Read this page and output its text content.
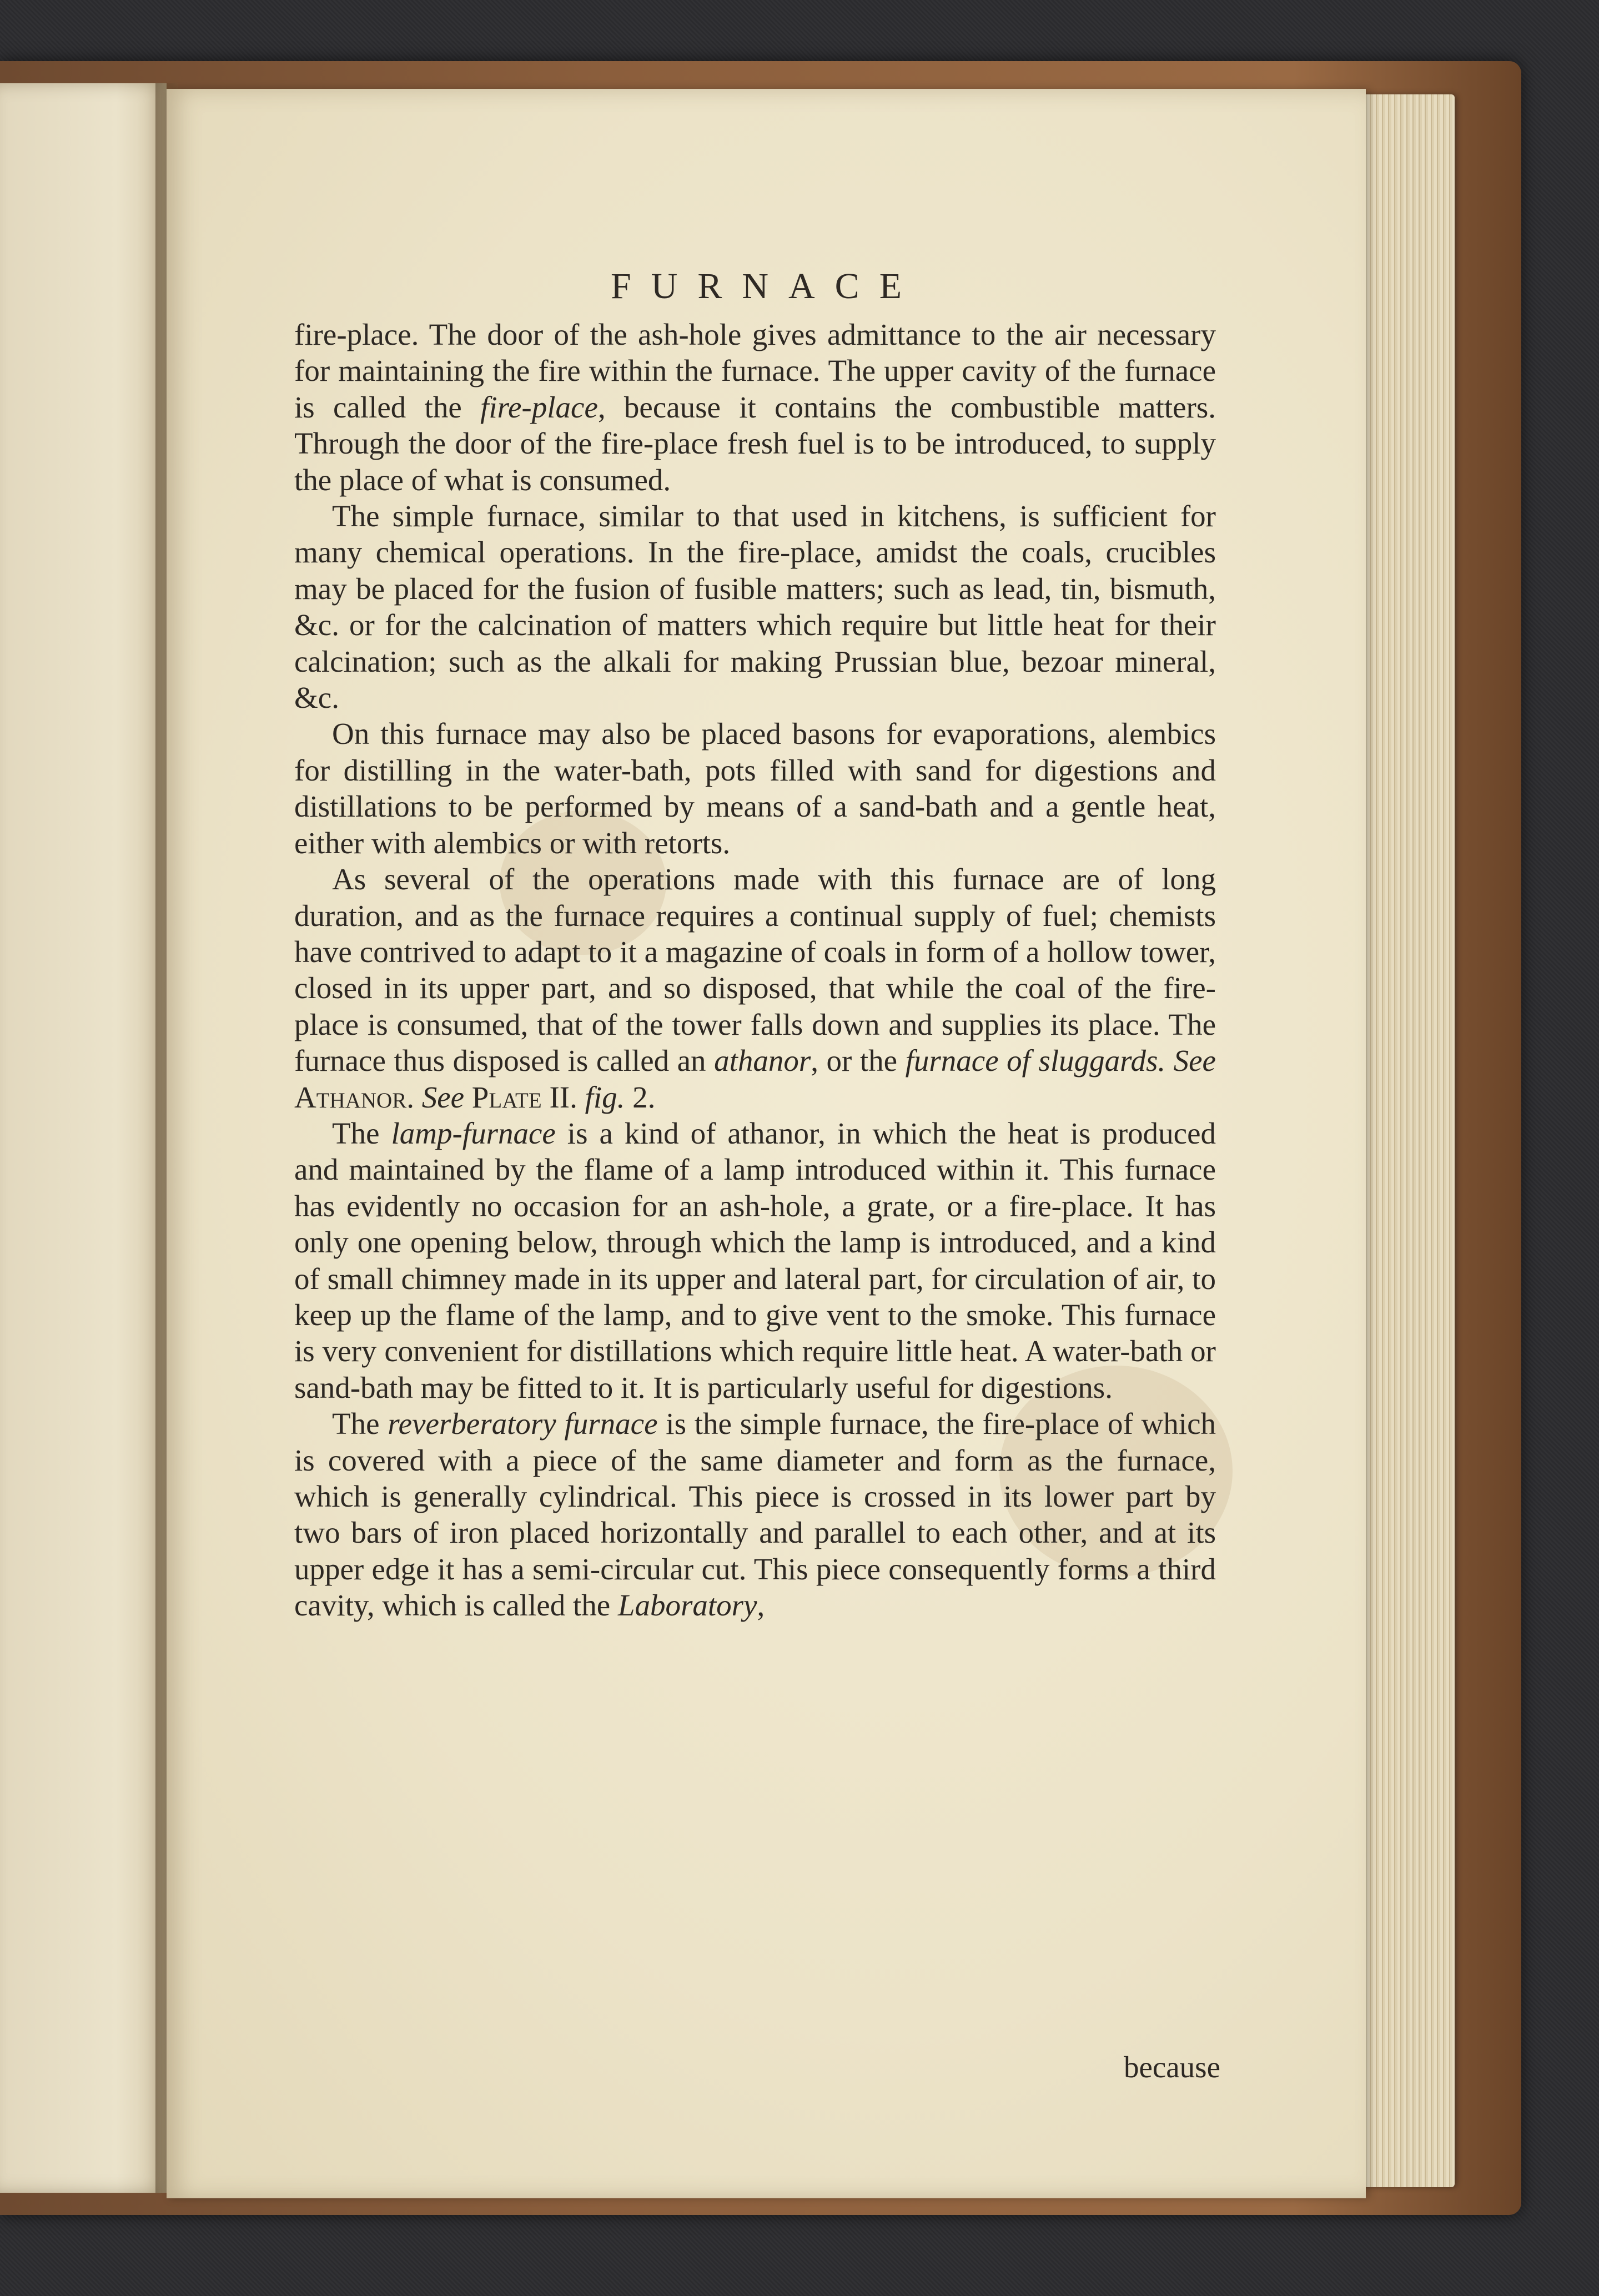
FURNACE

fire-place. The door of the ash-hole gives admittance to the air necessary for maintaining the fire within the furnace. The upper cavity of the furnace is called the fire-place, because it contains the combustible matters. Through the door of the fire-place fresh fuel is to be introduced, to supply the place of what is consumed.

The simple furnace, similar to that used in kitchens, is sufficient for many chemical operations. In the fire-place, amidst the coals, crucibles may be placed for the fusion of fusible matters; such as lead, tin, bismuth, &c. or for the calcination of matters which require but little heat for their calcination; such as the alkali for making Prussian blue, bezoar mineral, &c.

On this furnace may also be placed basons for evaporations, alembics for distilling in the water-bath, pots filled with sand for digestions and distillations to be performed by means of a sand-bath and a gentle heat, either with alembics or with retorts.

As several of the operations made with this furnace are of long duration, and as the furnace requires a continual supply of fuel; chemists have contrived to adapt to it a magazine of coals in form of a hollow tower, closed in its upper part, and so disposed, that while the coal of the fire-place is consumed, that of the tower falls down and supplies its place. The furnace thus disposed is called an athanor, or the furnace of sluggards. See Athanor. See Plate II. fig. 2.

The lamp-furnace is a kind of athanor, in which the heat is produced and maintained by the flame of a lamp introduced within it. This furnace has evidently no occasion for an ash-hole, a grate, or a fire-place. It has only one opening below, through which the lamp is introduced, and a kind of small chimney made in its upper and lateral part, for circulation of air, to keep up the flame of the lamp, and to give vent to the smoke. This furnace is very convenient for distillations which require little heat. A water-bath or sand-bath may be fitted to it. It is particularly useful for digestions.

The reverberatory furnace is the simple furnace, the fire-place of which is covered with a piece of the same diameter and form as the furnace, which is generally cylindrical. This piece is crossed in its lower part by two bars of iron placed horizontally and parallel to each other, and at its upper edge it has a semi-circular cut. This piece consequently forms a third cavity, which is called the Laboratory,

because
